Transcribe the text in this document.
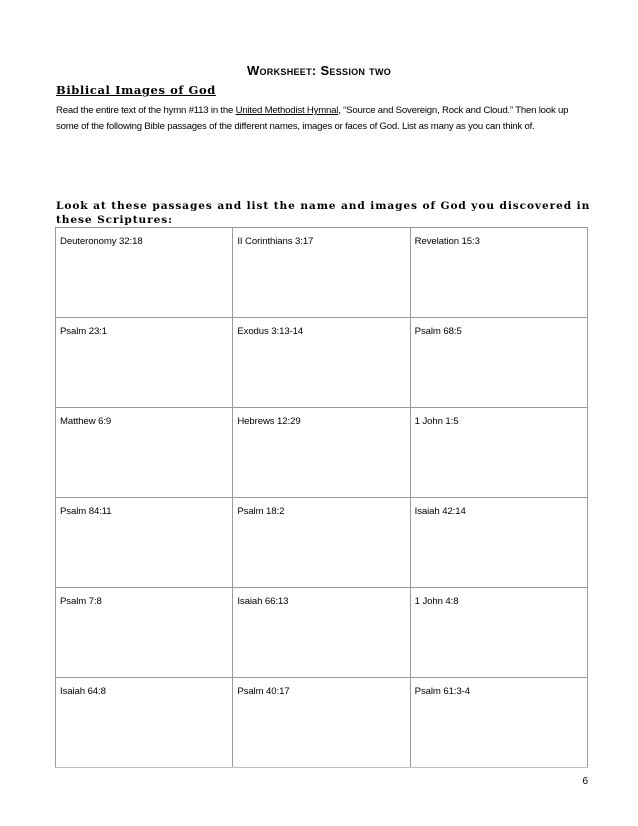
Worksheet: Session two
Biblical Images of God
Read the entire text of the hymn #113 in the United Methodist Hymnal, “Source and Sovereign, Rock and Cloud.” Then look up some of the following Bible passages of the different names, images or faces of God. List as many as you can think of.
Look at these passages and list the name and images of God you discovered in these Scriptures:
Deuteronomy 32:18	II Corinthians 3:17	Revelation 15:3
Psalm 23:1	Exodus 3:13-14	Psalm 68:5
Matthew 6:9	Hebrews 12:29	1 John 1:5
Psalm 84:11	Psalm 18:2	Isaiah 42:14
Psalm 7:8	Isaiah 66:13	1 John 4:8
Isaiah 64:8	Psalm 40:17	Psalm 61:3-4
6
